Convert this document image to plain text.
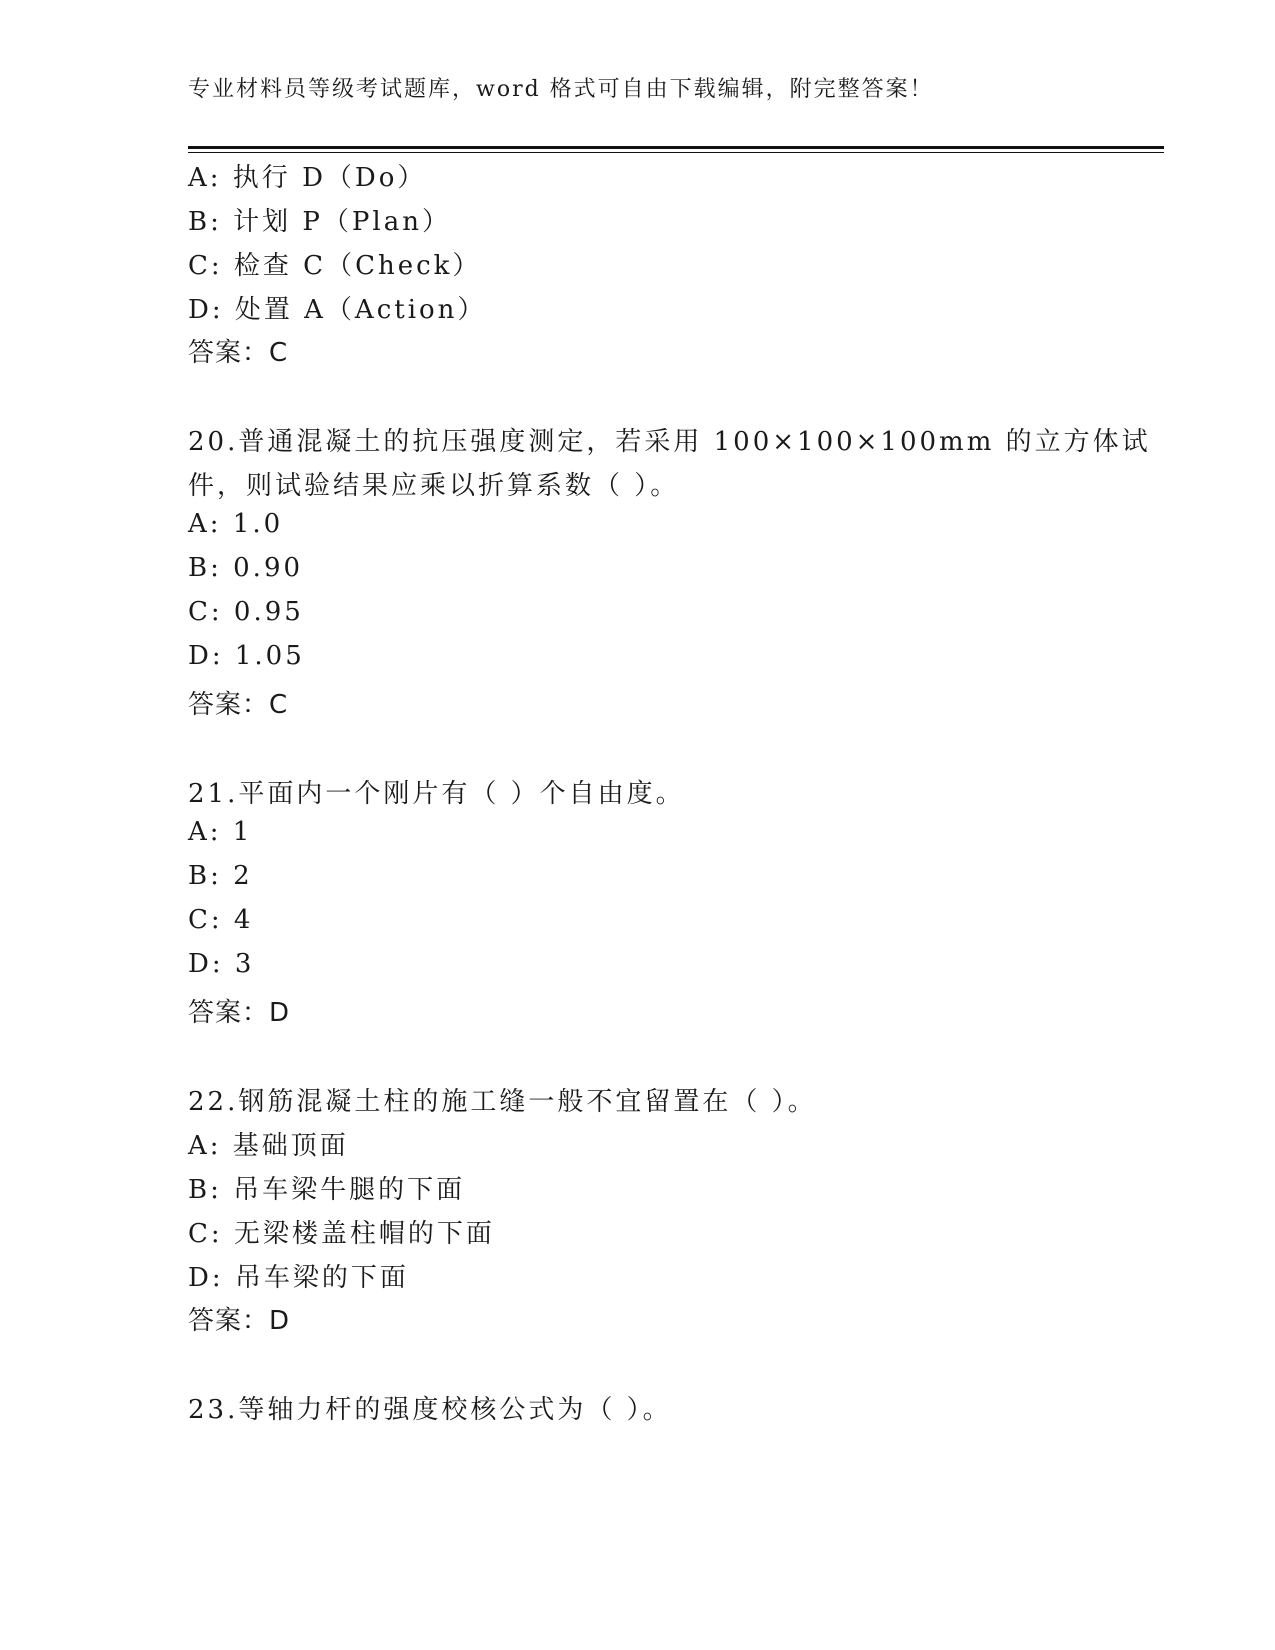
专业材料员等级考试题库，word 格式可自由下载编辑，附完整答案！
A: 执行 D（Do）
B: 计划 P（Plan）
C: 检查 C（Check）
D: 处置 A（Action）
答案：C
20.普通混凝土的抗压强度测定，若采用 100×100×100mm 的立方体试
件，则试验结果应乘以折算系数（ ）。
A: 1.0
B: 0.90
C: 0.95
D: 1.05
答案：C
21.平面内一个刚片有（ ）个自由度。
A: 1
B: 2
C: 4
D: 3
答案：D
22.钢筋混凝土柱的施工缝一般不宜留置在（ ）。
A: 基础顶面
B: 吊车梁牛腿的下面
C: 无梁楼盖柱帽的下面
D: 吊车梁的下面
答案：D
23.等轴力杆的强度校核公式为（ ）。
